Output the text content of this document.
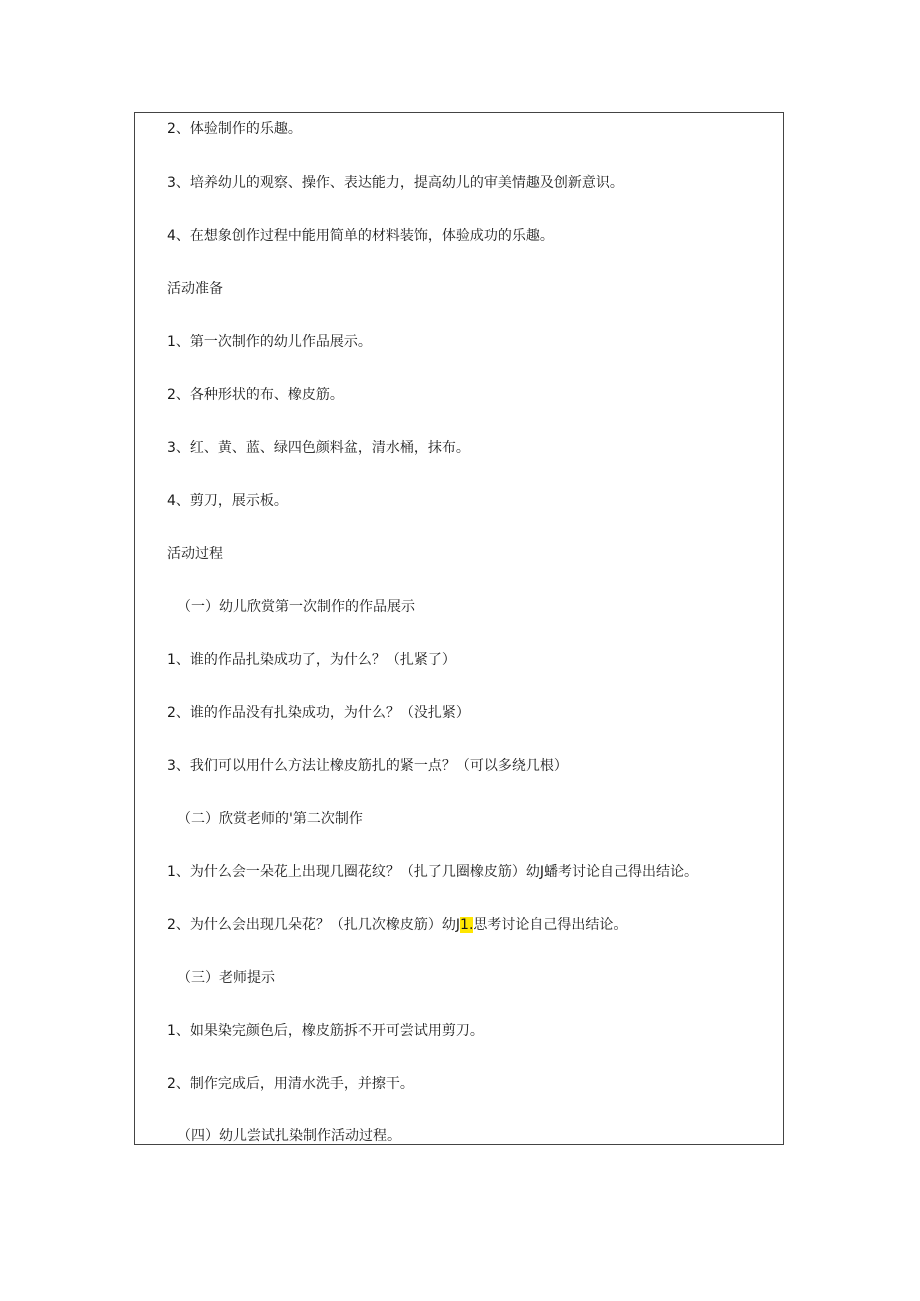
2、体验制作的乐趣。
3、培养幼儿的观察、操作、表达能力，提高幼儿的审美情趣及创新意识。
4、在想象创作过程中能用简单的材料装饰，体验成功的乐趣。
活动准备
1、第一次制作的幼儿作品展示。
2、各种形状的布、橡皮筋。
3、红、黄、蓝、绿四色颜料盆，清水桶，抹布。
4、剪刀，展示板。
活动过程
（一）幼儿欣赏第一次制作的作品展示
1、谁的作品扎染成功了，为什么？（扎紧了）
2、谁的作品没有扎染成功，为什么？（没扎紧）
3、我们可以用什么方法让橡皮筋扎的紧一点？（可以多绕几根）
（二）欣赏老师的'第二次制作
1、为什么会一朵花上出现几圈花纹？（扎了几圈橡皮筋）幼J蟠考讨论自己得出结论。
2、为什么会出现几朵花？（扎几次橡皮筋）幼J1.思考讨论自己得出结论。
（三）老师提示
1、如果染完颜色后，橡皮筋拆不开可尝试用剪刀。
2、制作完成后，用清水洗手，并擦干。
（四）幼儿尝试扎染制作活动过程。
